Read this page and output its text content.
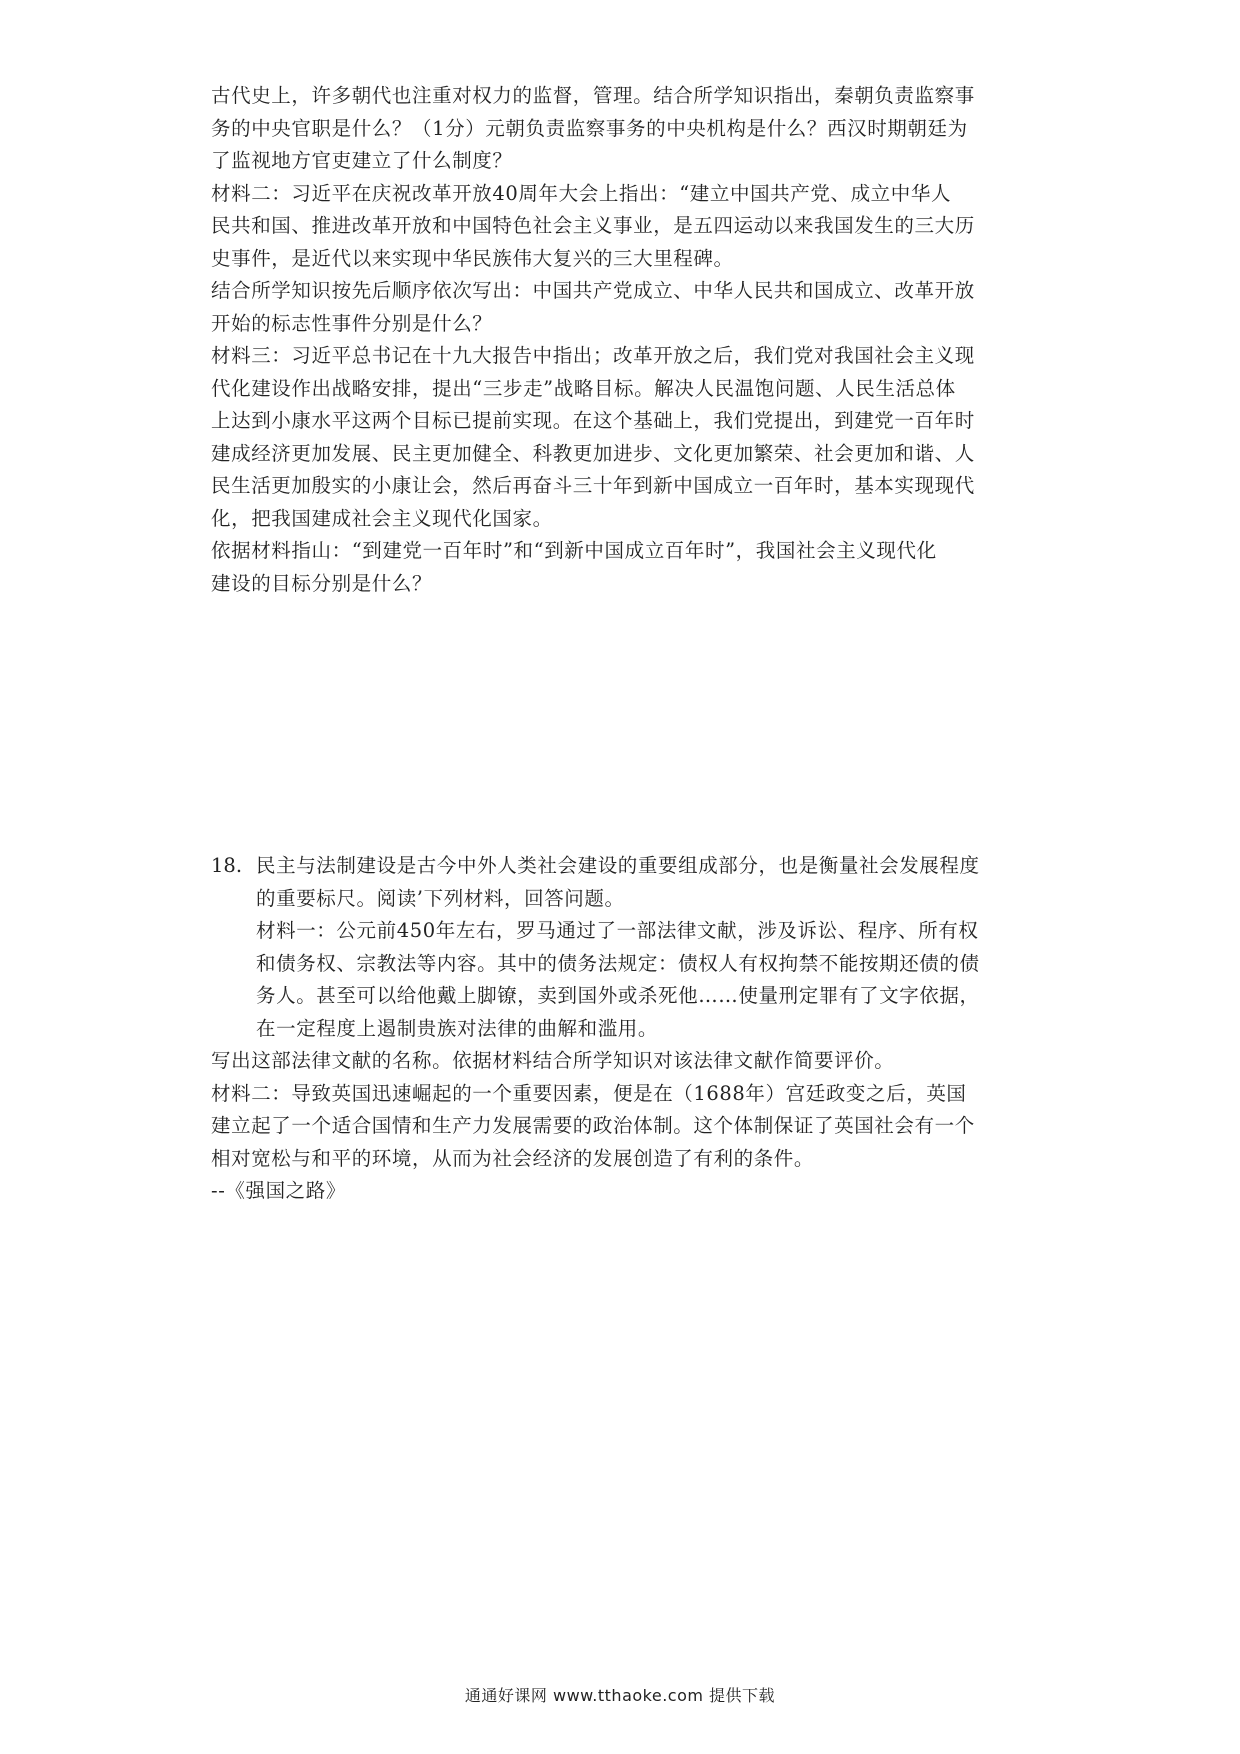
古代史上，许多朝代也注重对权力的监督，管理。结合所学知识指出，秦朝负责监察事
务的中央官职是什么？（1分）元朝负责监察事务的中央机构是什么？西汉时期朝廷为
了监视地方官吏建立了什么制度？
材料二：习近平在庆祝改革开放40周年大会上指出：“建立中国共产党、成立中华人
民共和国、推进改革开放和中国特色社会主义事业，是五四运动以来我国发生的三大历
史事件，是近代以来实现中华民族伟大复兴的三大里程碑。
结合所学知识按先后顺序依次写出：中国共产党成立、中华人民共和国成立、改革开放
开始的标志性事件分别是什么？
材料三：习近平总书记在十九大报告中指出；改革开放之后，我们党对我国社会主义现
代化建设作出战略安排，提出“三步走”战略目标。解决人民温饱问题、人民生活总体
上达到小康水平这两个目标已提前实现。在这个基础上，我们党提出，到建党一百年时
建成经济更加发展、民主更加健全、科教更加进步、文化更加繁荣、社会更加和谐、人
民生活更加殷实的小康让会，然后再奋斗三十年到新中国成立一百年时，基本实现现代
化，把我国建成社会主义现代化国家。
依据材料指山：“到建党一百年时”和“到新中国成立百年时”，我国社会主义现代化
建设的目标分别是什么？
18. 民主与法制建设是古今中外人类社会建设的重要组成部分，也是衡量社会发展程度
的重要标尺。阅读’下列材料，回答问题。
材料一：公元前450年左右，罗马通过了一部法律文献，涉及诉讼、程序、所有权
和债务权、宗教法等内容。其中的债务法规定：债权人有权拘禁不能按期还债的债
务人。甚至可以给他戴上脚镣，卖到国外或杀死他……使量刑定罪有了文字依据，
在一定程度上遏制贵族对法律的曲解和滥用。
写出这部法律文献的名称。依据材料结合所学知识对该法律文献作简要评价。
材料二：导致英国迅速崛起的一个重要因素，便是在（1688年）宫廷政变之后，英国
建立起了一个适合国情和生产力发展需要的政治体制。这个体制保证了英国社会有一个
相对宽松与和平的环境，从而为社会经济的发展创造了有利的条件。
--《强国之路》
通通好课网 www.tthaoke.com 提供下载
